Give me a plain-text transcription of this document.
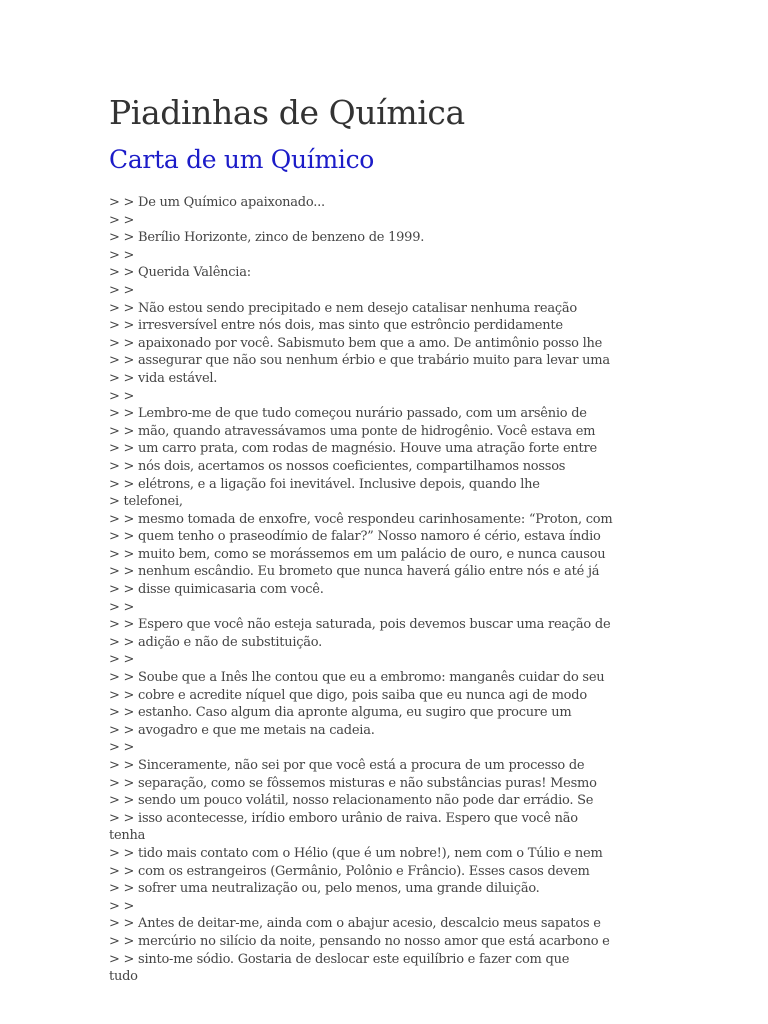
Piadinhas de Química
Carta de um Químico
> > De um Químico apaixonado...
> >
> > Berílio Horizonte, zinco de benzeno de 1999.
> >
> > Querida Valência:
> >
> > Não estou sendo precipitado e nem desejo catalisar nenhuma reação
> > irresversível entre nós dois, mas sinto que estrôncio perdidamente
> > apaixonado por você. Sabismuto bem que a amo. De antimônio posso lhe
> > assegurar que não sou nenhum érbio e que trabário muito para levar uma
> > vida estável.
> >
> > Lembro-me de que tudo começou nurário passado, com um arsênio de
> > mão, quando atravessávamos uma ponte de hidrogênio. Você estava em
> > um carro prata, com rodas de magnésio. Houve uma atração forte entre
> > nós dois, acertamos os nossos coeficientes, compartilhamos nossos
> > elétrons, e a ligação foi inevitável. Inclusive depois, quando lhe
> telefonei,
> > mesmo tomada de enxofre, você respondeu carinhosamente: “Proton, com
> > quem tenho o praseodímio de falar?” Nosso namoro é cério, estava índio
> > muito bem, como se morássemos em um palácio de ouro, e nunca causou
> > nenhum escândio. Eu brometo que nunca haverá gálio entre nós e até já
> > disse quimicasaria com você.
> >
> > Espero que você não esteja saturada, pois devemos buscar uma reação de
> > adição e não de substituição.
> >
> > Soube que a Inês lhe contou que eu a embromo: manganês cuidar do seu
> > cobre e acredite níquel que digo, pois saiba que eu nunca agi de modo
> > estanho. Caso algum dia apronte alguma, eu sugiro que procure um
> > avogadro e que me metais na cadeia.
> >
> > Sinceramente, não sei por que você está a procura de um processo de
> > separação, como se fôssemos misturas e não substâncias puras! Mesmo
> > sendo um pouco volátil, nosso relacionamento não pode dar errádio. Se
> > isso acontecesse, irídio emboro urânio de raiva. Espero que você não
tenha
> > tido mais contato com o Hélio (que é um nobre!), nem com o Túlio e nem
> > com os estrangeiros (Germânio, Polônio e Frâncio). Esses casos devem
> > sofrer uma neutralização ou, pelo menos, uma grande diluição.
> >
> > Antes de deitar-me, ainda com o abajur acesio, descalcio meus sapatos e
> > mercúrio no silício da noite, pensando no nosso amor que está acarbono e
> > sinto-me sódio. Gostaria de deslocar este equilíbrio e fazer com que
tudo
